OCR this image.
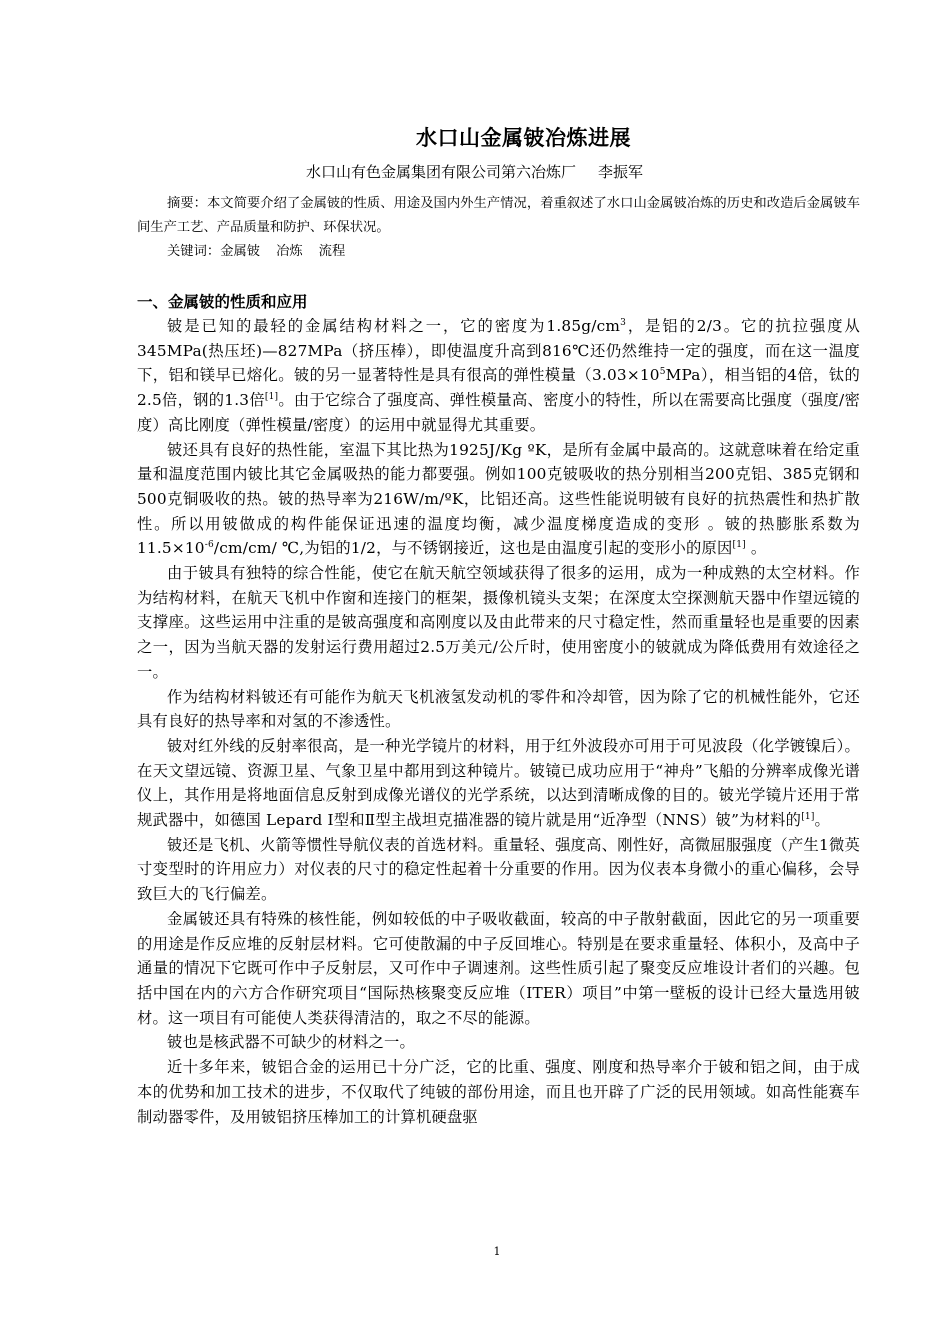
水口山金属铍冶炼进展
水口山有色金属集团有限公司第六冶炼厂 李振军
摘要：本文简要介绍了金属铍的性质、用途及国内外生产情况，着重叙述了水口山金属铍冶炼的历史和改造后金属铍车间生产工艺、产品质量和防护、环保状况。
关键词：金属铍 冶炼 流程
一、金属铍的性质和应用

铍是已知的最轻的金属结构材料之一，它的密度为$1.85g/cm^3$，是铝的2/3。它的抗拉强度从345MPa(热压坯)—827MPa（挤压棒），即使温度升高到816℃还仍然维持一定的强度，而在这一温度下，铝和镁早已熔化。铍的另一显著特性是具有很高的弹性模量$(3.03\times 10^5MPa)$，相当铝的4倍，钛的2.5倍，钢的1.3倍[1]。由于它综合了强度高、弹性模量高、密度小的特性，所以在需要高比强度（强度/密度）高比刚度（弹性模量/密度）的运用中就显得尤其重要。

铍还具有良好的热性能，室温下其比热为1925J/Kg ºK，是所有金属中最高的。这就意味着在给定重量和温度范围内铍比其它金属吸热的能力都要强。例如100克铍吸收的热分别相当200克铝、385克钢和500克铜吸收的热。铍的热导率为216W/m/ºK，比铝还高。这些性能说明铍有良好的抗热震性和热扩散性。所以用铍做成的构件能保证迅速的温度均衡，减少温度梯度造成的变形 。铍的热膨胀系数为$11.5\times 10^{-6}/cm/cm/$ ℃,为铝的1/2，与不锈钢接近，这也是由温度引起的变形小的原因[1] 。

由于铍具有独特的综合性能，使它在航天航空领域获得了很多的运用，成为一种成熟的太空材料。作为结构材料，在航天飞机中作窗和连接门的框架，摄像机镜头支架；在深度太空探测航天器中作望远镜的支撑座。这些运用中注重的是铍高强度和高刚度以及由此带来的尺寸稳定性，然而重量轻也是重要的因素之一，因为当航天器的发射运行费用超过2.5万美元/公斤时，使用密度小的铍就成为降低费用有效途径之一。

作为结构材料铍还有可能作为航天飞机液氢发动机的零件和冷却管，因为除了它的机械性能外，它还具有良好的热导率和对氢的不渗透性。

铍对红外线的反射率很高，是一种光学镜片的材料，用于红外波段亦可用于可见波段（化学镀镍后）。在天文望远镜、资源卫星、气象卫星中都用到这种镜片。铍镜已成功应用于“神舟”飞船的分辨率成像光谱仪上，其作用是将地面信息反射到成像光谱仪的光学系统，以达到清晰成像的目的。铍光学镜片还用于常规武器中，如德国 Lepard Ⅰ型和Ⅱ型主战坦克描准器的镜片就是用“近净型（NNS）铍”为材料的[1]。

铍还是飞机、火箭等惯性导航仪表的首选材料。重量轻、强度高、刚性好，高微屈服强度（产生1微英寸变型时的许用应力）对仪表的尺寸的稳定性起着十分重要的作用。因为仪表本身微小的重心偏移，会导致巨大的飞行偏差。

金属铍还具有特殊的核性能，例如较低的中子吸收截面，较高的中子散射截面，因此它的另一项重要的用途是作反应堆的反射层材料。它可使散漏的中子反回堆心。特别是在要求重量轻、体积小，及高中子通量的情况下它既可作中子反射层，又可作中子调速剂。这些性质引起了聚变反应堆设计者们的兴趣。包括中国在内的六方合作研究项目“国际热核聚变反应堆（ITER）项目”中第一壁板的设计已经大量选用铍材。这一项目有可能使人类获得清洁的，取之不尽的能源。

铍也是核武器不可缺少的材料之一。

近十多年来，铍铝合金的运用已十分广泛，它的比重、强度、刚度和热导率介于铍和铝之间，由于成本的优势和加工技术的进步，不仅取代了纯铍的部份用途，而且也开辟了广泛的民用领域。如高性能赛车制动器零件，及用铍铝挤压棒加工的计算机硬盘驱

1
